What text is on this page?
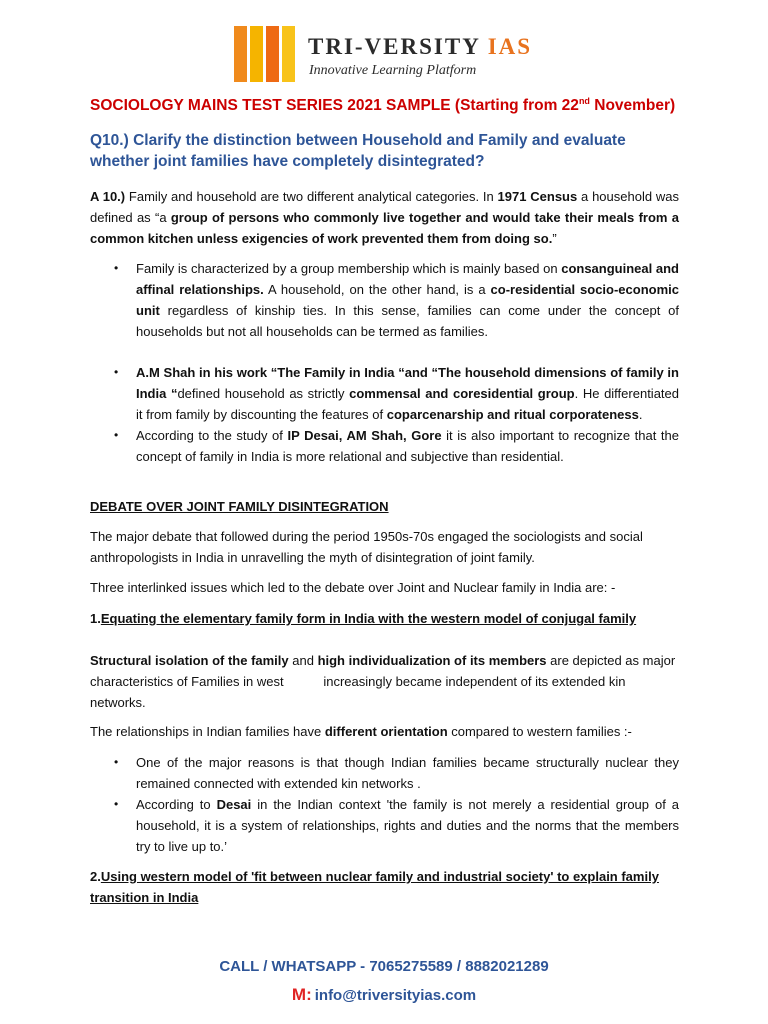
TRI-VERSITY IAS
Innovative Learning Platform
SOCIOLOGY MAINS TEST SERIES 2021 SAMPLE (Starting from 22nd November)
Q10.) Clarify the distinction between Household and Family and evaluate
whether joint families have completely disintegrated?
A 10.) Family and household are two different analytical categories. In 1971 Census a household was defined as “a group of persons who commonly live together and would take their meals from a common kitchen unless exigencies of work prevented them from doing so.”
• Family is characterized by a group membership which is mainly based on consanguineal and affinal relationships. A household, on the other hand, is a co-residential socio-economic unit regardless of kinship ties. In this sense, families can come under the concept of households but not all households can be termed as families.
• A.M Shah in his work “The Family in India “and “The household dimensions of family in India “defined household as strictly commensal and coresidential group. He differentiated it from family by discounting the features of coparcenarship and ritual corporateness.
• According to the study of IP Desai, AM Shah, Gore it is also important to recognize that the concept of family in India is more relational and subjective than residential.
DEBATE OVER JOINT FAMILY DISINTEGRATION
The major debate that followed during the period 1950s-70s engaged the sociologists and social anthropologists in India in unravelling the myth of disintegration of joint family.
Three interlinked issues which led to the debate over Joint and Nuclear family in India are: -
1.Equating the elementary family form in India with the western model of conjugal family
Structural isolation of the family and high individualization of its members are depicted as major characteristics of Families in west	increasingly became independent of its extended kin networks.
The relationships in Indian families have different orientation compared to western families :-
• One of the major reasons is that though Indian families became structurally nuclear they remained connected with extended kin networks .
• According to Desai in the Indian context 'the family is not merely a residential group of a household, it is a system of relationships, rights and duties and the norms that the members try to live up to.’
2.Using western model of 'fit between nuclear family and industrial society' to explain family transition in India
CALL / WHATSAPP - 7065275589 / 8882021289
M: info@triversityias.com
